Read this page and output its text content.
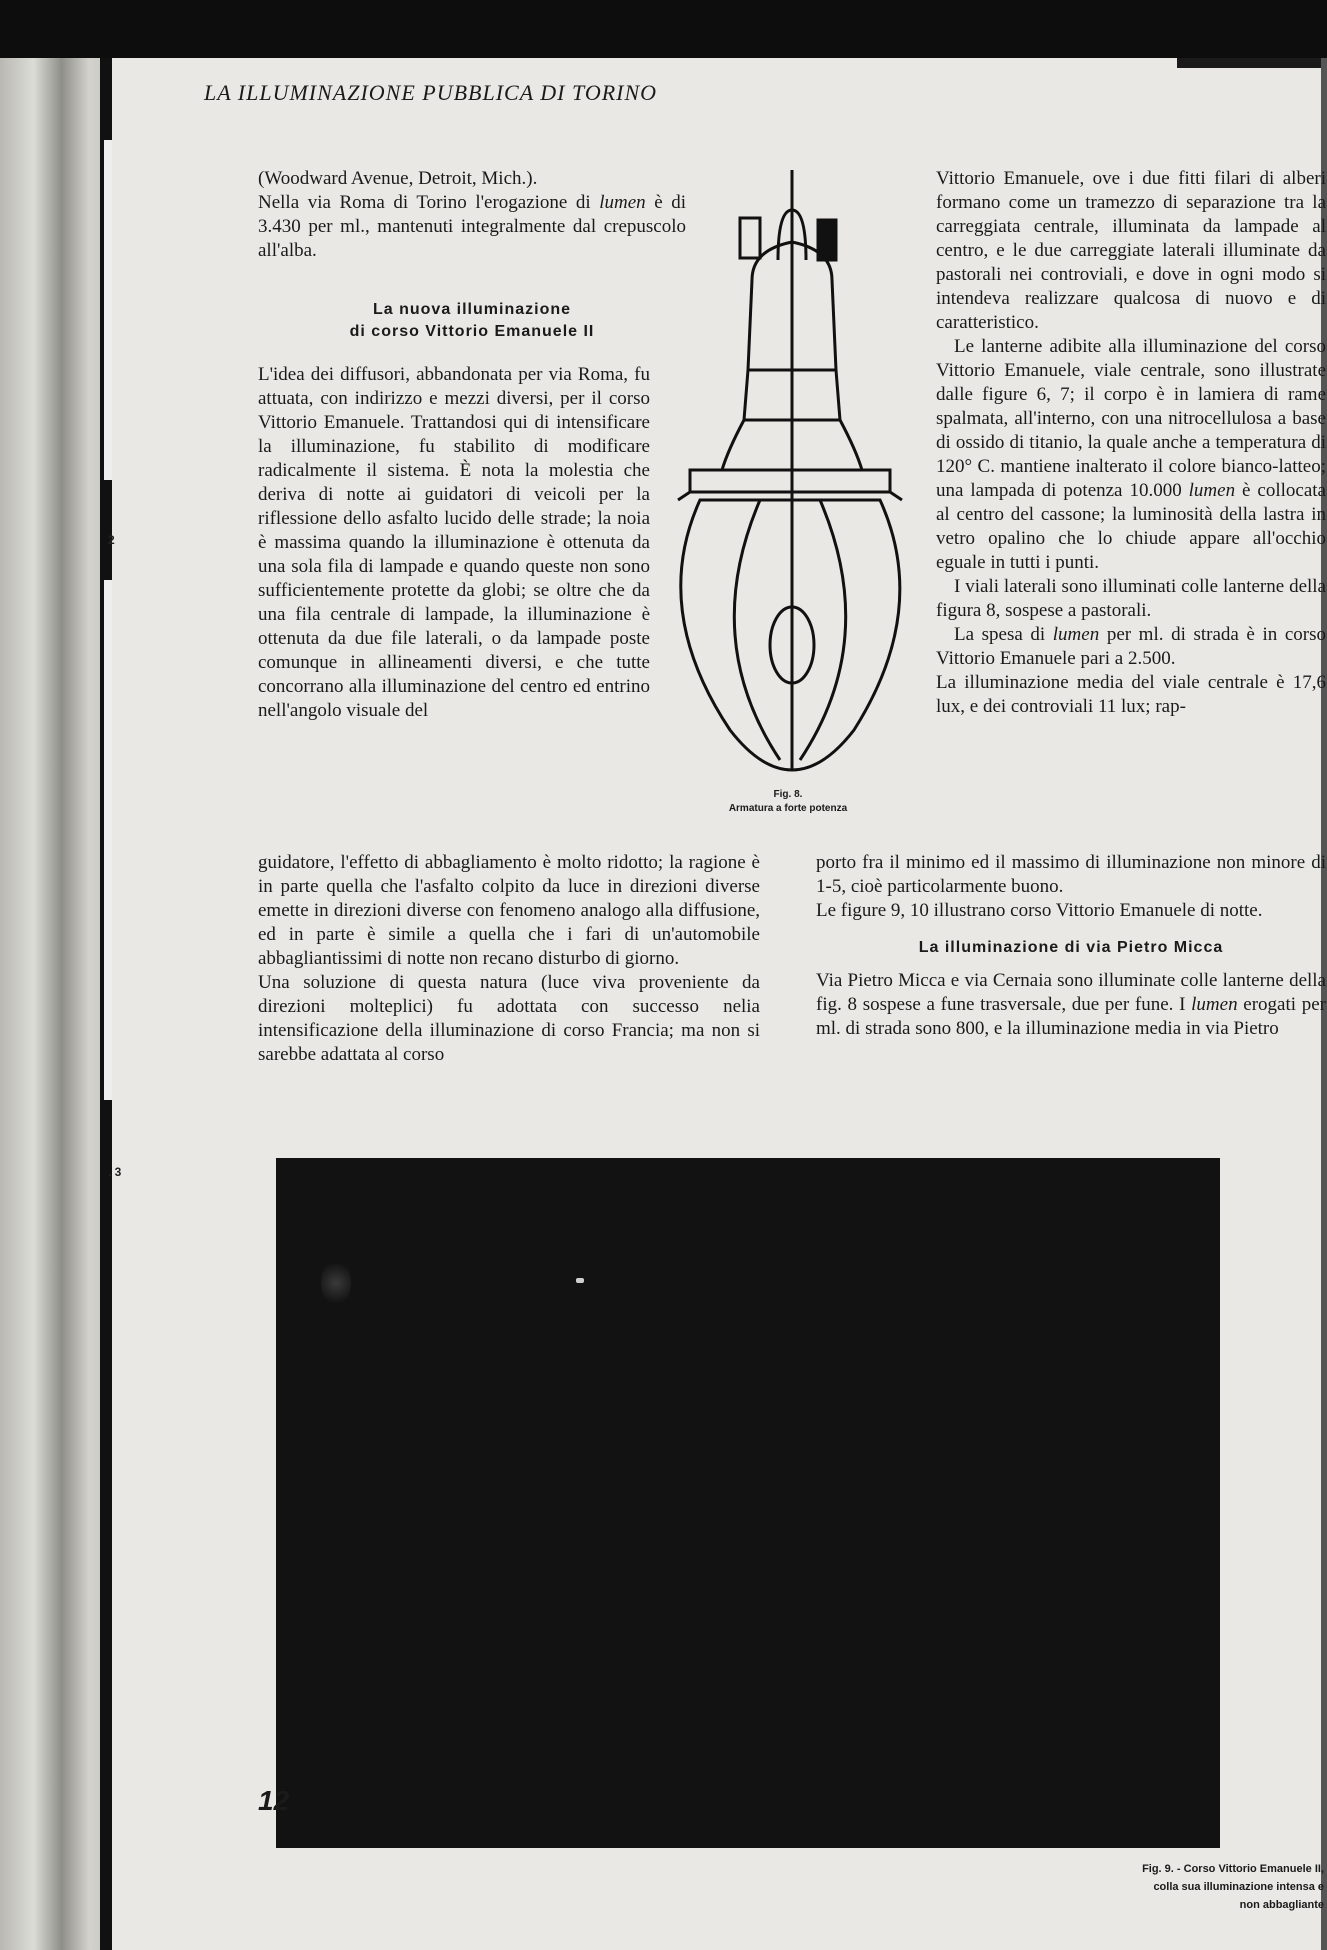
2
. 3
LA ILLUMINAZIONE PUBBLICA DI TORINO

(Woodward Avenue, Detroit, Mich.).

Nella via Roma di Torino l'erogazione di lumen è di 3.430 per ml., mantenuti integralmente dal crepuscolo all'alba.

La nuova illuminazione
di corso Vittorio Emanuele II

L'idea dei diffusori, abbandonata per via Roma, fu attuata, con indirizzo e mezzi diversi, per il corso Vittorio Emanuele. Trattandosi qui di intensificare la illuminazione, fu stabilito di modificare radicalmente il sistema. È nota la molestia che deriva di notte ai guidatori di veicoli per la riflessione dello asfalto lucido delle strade; la noia è massima quando la illuminazione è ottenuta da una sola fila di lampade e quando queste non sono sufficientemente protette da globi; se oltre che da una fila centrale di lampade, la illuminazione è ottenuta da due file laterali, o da lampade poste comunque in allineamenti diversi, e che tutte concorrano alla illuminazione del centro ed entrino nell'angolo visuale del

Fig. 8.
Armatura a forte potenza

guidatore, l'effetto di abbagliamento è molto ridotto; la ragione è in parte quella che l'asfalto colpito da luce in direzioni diverse emette in direzioni diverse con fenomeno analogo alla diffusione, ed in parte è simile a quella che i fari di un'automobile abbagliantissimi di notte non recano disturbo di giorno.

Una soluzione di questa natura (luce viva proveniente da direzioni molteplici) fu adottata con successo nelia intensificazione della illuminazione di corso Francia; ma non si sarebbe adattata al corso

Vittorio Emanuele, ove i due fitti filari di alberi formano come un tramezzo di separazione tra la carreggiata centrale, illuminata da lampade al centro, e le due carreggiate laterali illuminate da pastorali nei controviali, e dove in ogni modo si intendeva realizzare qualcosa di nuovo e di caratteristico.

Le lanterne adibite alla illuminazione del corso Vittorio Emanuele, viale centrale, sono illustrate dalle figure 6, 7; il corpo è in lamiera di rame spalmata, all'interno, con una nitrocellulosa a base di ossido di titanio, la quale anche a temperatura di 120° C. mantiene inalterato il colore bianco-latteo; una lampada di potenza 10.000 lumen è collocata al centro del cassone; la luminosità della lastra in vetro opalino che lo chiude appare all'occhio eguale in tutti i punti.

I viali laterali sono illuminati colle lanterne della figura 8, sospese a pastorali.

La spesa di lumen per ml. di strada è in corso Vittorio Emanuele pari a 2.500.

La illuminazione media del viale centrale è 17,6 lux, e dei controviali 11 lux; rap-

porto fra il minimo ed il massimo di illuminazione non minore di 1-5, cioè particolarmente buono.

Le figure 9, 10 illustrano corso Vittorio Emanuele di notte.

La illuminazione di via Pietro Micca

Via Pietro Micca e via Cernaia sono illuminate colle lanterne della fig. 8 sospese a fune trasversale, due per fune. I lumen erogati per ml. di strada sono 800, e la illuminazione media in via Pietro

Fig. 9. - Corso Vittorio Emanuele II,
colla sua illuminazione intensa e
non abbagliante
12
